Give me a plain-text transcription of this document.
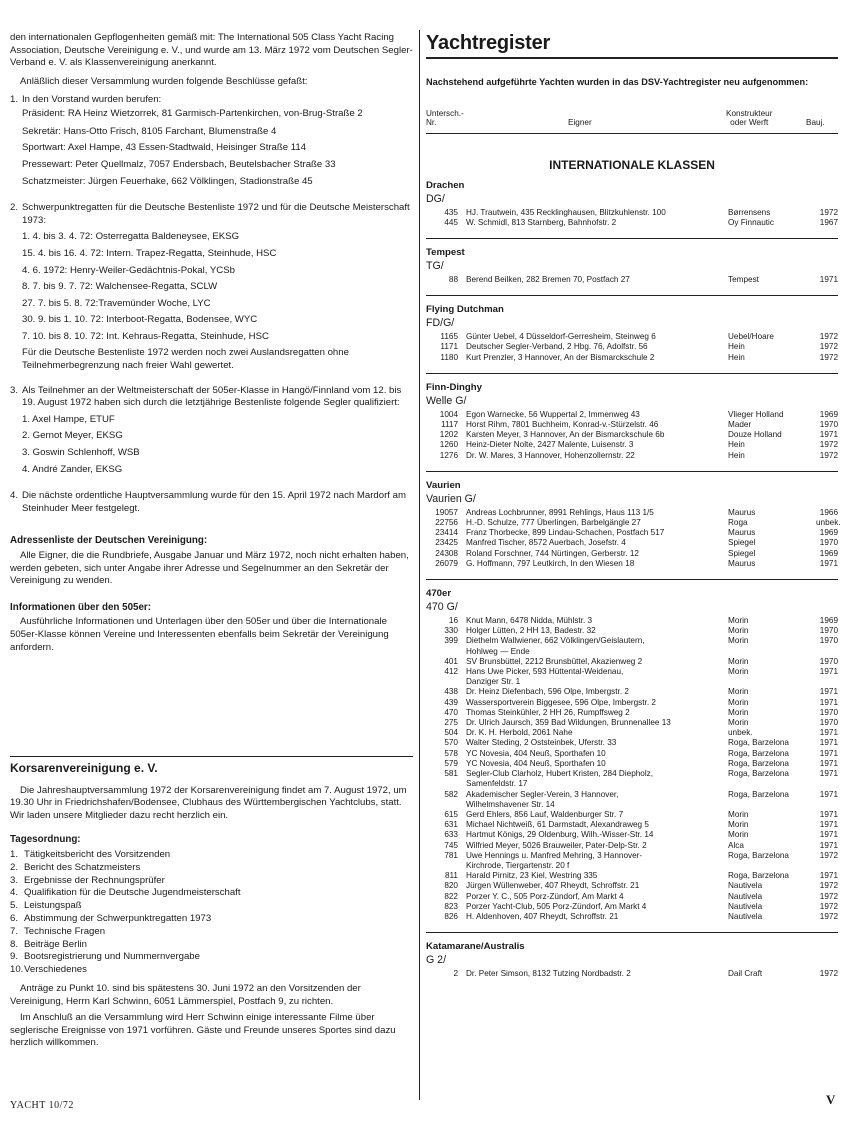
den internationalen Gepflogenheiten gemäß mit: The International 505 Class Yacht Racing Association, Deutsche Vereinigung e. V., und wurde am 13. März 1972 vom Deutschen Segler-Verband e. V. als Klassenvereinigung anerkannt.

Anläßlich dieser Versammlung wurden folgende Beschlüsse gefaßt:

1. In den Vorstand wurden berufen:
Präsident: RA Heinz Wietzorrek, 81 Garmisch-Partenkirchen, von-Brug-Straße 2
Sekretär: Hans-Otto Frisch, 8105 Farchant, Blumenstraße 4
Sportwart: Axel Hampe, 43 Essen-Stadtwald, Heisinger Straße 114
Pressewart: Peter Quellmalz, 7057 Endersbach, Beutelsbacher Straße 33
Schatzmeister: Jürgen Feuerhake, 662 Völklingen, Stadionstraße 45
2. Schwerpunktregatten für die Deutsche Bestenliste 1972 und für die Deutsche Meisterschaft 1973:
1. 4. bis 3. 4. 72: Osterregatta Baldeneysee, EKSG
15. 4. bis 16. 4. 72: Intern. Trapez-Regatta, Steinhude, HSC
4. 6. 1972: Henry-Weiler-Gedächtnis-Pokal, YCSb
8. 7. bis 9. 7. 72: Walchensee-Regatta, SCLW
27. 7. bis 5. 8. 72:Travemünder Woche, LYC
30. 9. bis 1. 10. 72: Interboot-Regatta, Bodensee, WYC
7. 10. bis 8. 10. 72: Int. Kehraus-Regatta, Steinhude, HSC
Für die Deutsche Bestenliste 1972 werden noch zwei Auslandsregatten ohne Teilnehmerbegrenzung nach freier Wahl gewertet.
3. Als Teilnehmer an der Weltmeisterschaft der 505er-Klasse in Hangö/Finnland vom 12. bis 19. August 1972 haben sich durch die letztjährige Bestenliste folgende Segler qualifiziert:
1. Axel Hampe, ETUF
2. Gernot Meyer, EKSG
3. Goswin Schlenhoff, WSB
4. André Zander, EKSG
4. Die nächste ordentliche Hauptversammlung wurde für den 15. April 1972 nach Mardorf am Steinhuder Meer festgelegt.
Adressenliste der Deutschen Vereinigung:

Alle Eigner, die die Rundbriefe, Ausgabe Januar und März 1972, noch nicht erhalten haben, werden gebeten, sich unter Angabe ihrer Adresse und Segelnummer an den Sekretär der Vereinigung zu wenden.

Informationen über den 505er:

Ausführliche Informationen und Unterlagen über den 505er und über die Internationale 505er-Klasse können Vereine und Interessenten ebenfalls beim Sekretär der Vereinigung anfordern.

Korsarenvereinigung e. V.

Die Jahreshauptversammlung 1972 der Korsarenvereinigung findet am 7. August 1972, um 19.30 Uhr in Friedrichshafen/Bodensee, Clubhaus des Württembergischen Yachtclubs, statt. Wir laden unsere Mitglieder dazu recht herzlich ein.

Tagesordnung:
1. Tätigkeitsbericht des Vorsitzenden
2. Bericht des Schatzmeisters
3. Ergebnisse der Rechnungsprüfer
4. Qualifikation für die Deutsche Jugendmeisterschaft
5. Leistungspaß
6. Abstimmung der Schwerpunktregatten 1973
7. Technische Fragen
8. Beiträge Berlin
9. Bootsregistrierung und Nummernvergabe
10. Verschiedenes

Anträge zu Punkt 10. sind bis spätestens 30. Juni 1972 an den Vorsitzenden der Vereinigung, Herrn Karl Schwinn, 6051 Lämmerspiel, Postfach 9, zu richten.

Im Anschluß an die Versammlung wird Herr Schwinn einige interessante Filme über seglerische Ereignisse von 1971 vorführen. Gäste und Freunde unseres Sportes sind dazu herzlich willkommen.

Yachtregister
Nachstehend aufgeführte Yachten wurden in das DSV-Yachtregister neu aufgenommen:
Untersch.-
Nr.	Eigner
Konstrukteur
oder Werft	Bauj.
INTERNATIONALE KLASSEN
Drachen
DG/
435 HJ. Trautwein, 435 Recklinghausen, Blitzkuhlenstr. 100	Børrensens	1972
445 W. Schmidl, 813 Starnberg, Bahnhofstr. 2	Oy Finnautic	1967
Tempest
TG/
88 Berend Beilken, 282 Bremen 70, Postfach 27	Tempest	1971
Flying Dutchman
FD/G/
1165 Günter Uebel, 4 Düsseldorf-Gerresheim, Steinweg 6	Uebel/Hoare	1972
1171 Deutscher Segler-Verband, 2 Hbg. 76, Adolfstr. 56	Hein	1972
1180 Kurt Prenzler, 3 Hannover, An der Bismarckschule 2	Hein	1972
Finn-Dinghy
Welle G/
1004 Egon Warnecke, 56 Wuppertal 2, Immenweg 43	Vlieger Holland	1969
1117 Horst Rihm, 7801 Buchheim, Konrad-v.-Stürzelstr. 46	Mader	1970
1202 Karsten Meyer, 3 Hannover, An der Bismarckschule 6b	Douze Holland	1971
1260 Heinz-Dieter Nolte, 2427 Malente, Luisenstr. 3	Hein	1972
1276 Dr. W. Mares, 3 Hannover, Hohenzollernstr. 22	Hein	1972
Vaurien
Vaurien G/
19057 Andreas Lochbrunner, 8991 Rehlings, Haus 113 1/5	Maurus	1966
22756 H.-D. Schulze, 777 Überlingen, Barbelgängle 27	Roga	unbek.
23414 Franz Thorbecke, 899 Lindau-Schachen, Postfach 517	Maurus	1969
23425 Manfred Tischer, 8572 Auerbach, Josefstr. 4	Spiegel	1970
24308 Roland Forschner, 744 Nürtingen, Gerberstr. 12	Spiegel	1969
26079 G. Hoffmann, 797 Leutkirch, In den Wiesen 18	Maurus	1971
470er
470 G/
16 Knut Mann, 6478 Nidda, Mühlstr. 3	Morin	1969
330 Holger Lütten, 2 HH 13, Badestr. 32	Morin	1970
399 Diethelm Wallwiener, 662 Völklingen/Geislautern,
Hohlweg — Ende
Morin	1970
401 SV Brunsbüttel, 2212 Brunsbüttel, Akazienweg 2	Morin	1970
412 Hans Uwe Picker, 593 Hüttental-Weidenau,
Danziger Str. 1
Morin	1971
438 Dr. Heinz Diefenbach, 596 Olpe, Imbergstr. 2	Morin	1971
439 Wassersportverein Biggesee, 596 Olpe, Imbergstr. 2	Morin	1971
470 Thomas Steinkühler, 2 HH 26, Rumpffsweg 2	Morin	1970
275 Dr. Ulrich Jaursch, 359 Bad Wildungen, Brunnenallee 13	Morin	1970
504 Dr. K. H. Herbold, 2061 Nahe	unbek.	1971
570 Walter Steding, 2 Oststeinbek, Uferstr. 33	Roga, Barzelona	1971
578 YC Novesia, 404 Neuß, Sporthafen 10	Roga, Barzelona	1971
579 YC Novesia, 404 Neuß, Sporthafen 10	Roga, Barzelona	1971
581 Segler-Club Clarholz, Hubert Kristen, 284 Diepholz,
Samenfeldstr. 17
Roga, Barzelona	1971
582 Akademischer Segler-Verein, 3 Hannover,
Wilhelmshavener Str. 14
Roga, Barzelona	1971
615 Gerd Ehlers, 856 Lauf, Waldenburger Str. 7	Morin	1971
631 Michael Nichtweiß, 61 Darmstadt, Alexandraweg 5	Morin	1971
633 Hartmut Königs, 29 Oldenburg, Wilh.-Wisser-Str. 14	Morin	1971
745 Wilfried Meyer, 5026 Brauweiler, Pater-Delp-Str. 2	Alca	1971
781 Uwe Hennings u. Manfred Mehring, 3 Hannover-
Kirchrode, Tiergartenstr. 20 f
Roga, Barzelona	1972
811 Harald Pirnitz, 23 Kiel, Westring 335	Roga, Barzelona	1971
820 Jürgen Wüllenweber, 407 Rheydt, Schroffstr. 21	Nautivela	1972
822 Porzer Y. C., 505 Porz-Zündorf, Am Markt 4	Nautivela	1972
823 Porzer Yacht-Club, 505 Porz-Zündorf, Am Markt 4	Nautivela	1972
826 H. Aldenhoven, 407 Rheydt, Schroffstr. 21	Nautivela	1972
Katamarane/Australis
G 2/
2 Dr. Peter Simson, 8132 Tutzing Nordbadstr. 2	Dail Craft	1972
YACHT 10/72	V
